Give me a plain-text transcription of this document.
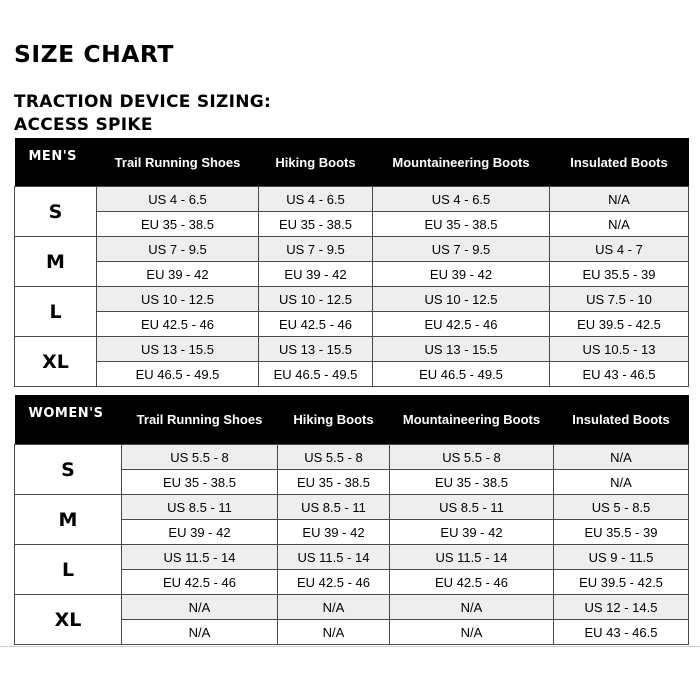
SIZE CHART
TRACTION DEVICE SIZING:
ACCESS SPIKE
MEN'S	Trail Running Shoes	Hiking Boots	Mountaineering Boots	Insulated Boots
S	US 4 - 6.5	US 4 - 6.5	US 4 - 6.5	N/A
	EU 35 - 38.5	EU 35 - 38.5	EU 35 - 38.5	N/A
M	US 7 - 9.5	US 7 - 9.5	US 7 - 9.5	US 4 - 7
	EU 39 - 42	EU 39 - 42	EU 39 - 42	EU 35.5 - 39
L	US 10 - 12.5	US 10 - 12.5	US 10 - 12.5	US 7.5 - 10
	EU 42.5 - 46	EU 42.5 - 46	EU 42.5 - 46	EU 39.5 - 42.5
XL	US 13 - 15.5	US 13 - 15.5	US 13 - 15.5	US 10.5 - 13
	EU 46.5 - 49.5	EU 46.5 - 49.5	EU 46.5 - 49.5	EU 43 - 46.5
WOMEN'S	Trail Running Shoes	Hiking Boots	Mountaineering Boots	Insulated Boots
S	US 5.5 - 8	US 5.5 - 8	US 5.5 - 8	N/A
	EU 35 - 38.5	EU 35 - 38.5	EU 35 - 38.5	N/A
M	US 8.5 - 11	US 8.5 - 11	US 8.5 - 11	US 5 - 8.5
	EU 39 - 42	EU 39 - 42	EU 39 - 42	EU 35.5 - 39
L	US 11.5 - 14	US 11.5 - 14	US 11.5 - 14	US 9 - 11.5
	EU 42.5 - 46	EU 42.5 - 46	EU 42.5 - 46	EU 39.5 - 42.5
XL	N/A	N/A	N/A	US 12 - 14.5
	N/A	N/A	N/A	EU 43 - 46.5
